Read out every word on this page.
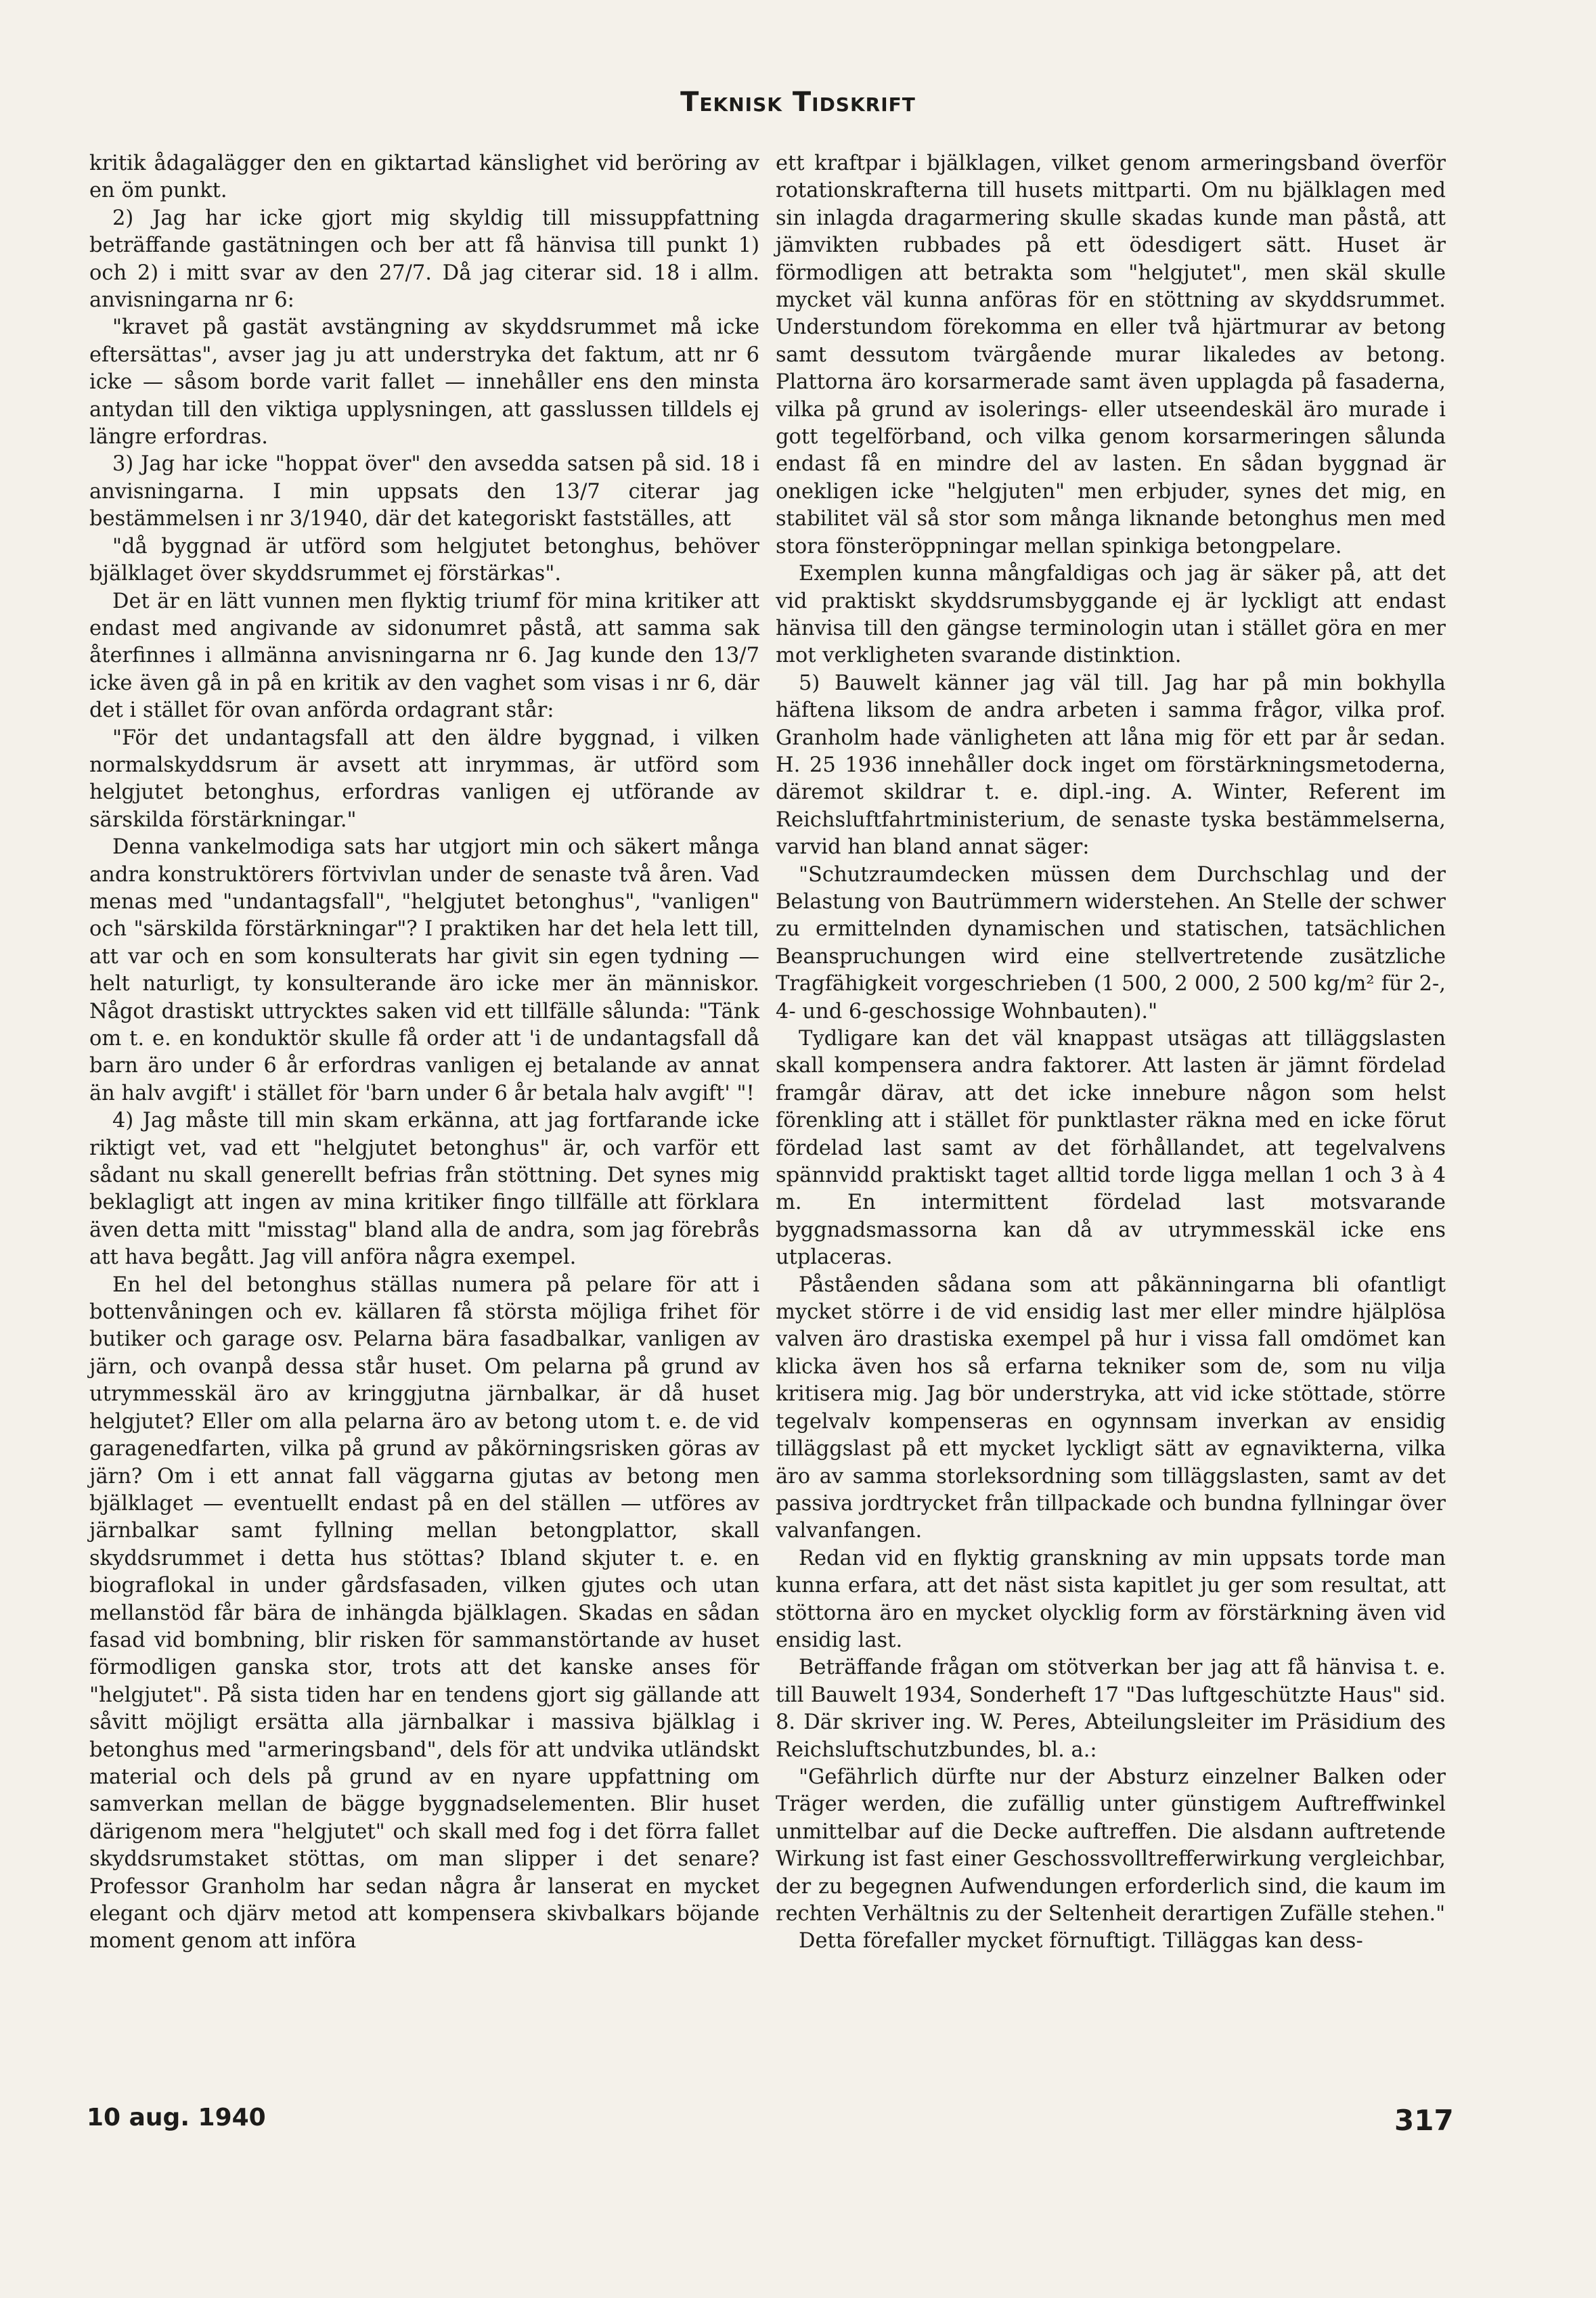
Teknisk Tidskrift

kritik ådagalägger den en giktartad känslighet vid beröring av en öm punkt.

2) Jag har icke gjort mig skyldig till missuppfattning beträffande gastätningen och ber att få hänvisa till punkt 1) och 2) i mitt svar av den 27/7. Då jag citerar sid. 18 i allm. anvisningarna nr 6:

"kravet på gastät avstängning av skyddsrummet må icke eftersättas", avser jag ju att understryka det faktum, att nr 6 icke — såsom borde varit fallet — innehåller ens den minsta antydan till den viktiga upplysningen, att gasslussen tilldels ej längre erfordras.

3) Jag har icke "hoppat över" den avsedda satsen på sid. 18 i anvisningarna. I min uppsats den 13/7 citerar jag bestämmelsen i nr 3/1940, där det kategoriskt fastställes, att

"då byggnad är utförd som helgjutet betonghus, behöver bjälklaget över skyddsrummet ej förstärkas".

Det är en lätt vunnen men flyktig triumf för mina kritiker att endast med angivande av sidonumret påstå, att samma sak återfinnes i allmänna anvisningarna nr 6. Jag kunde den 13/7 icke även gå in på en kritik av den vaghet som visas i nr 6, där det i stället för ovan anförda ordagrant står:

"För det undantagsfall att den äldre byggnad, i vilken normalskyddsrum är avsett att inrymmas, är utförd som helgjutet betonghus, erfordras vanligen ej utförande av särskilda förstärkningar."

Denna vankelmodiga sats har utgjort min och säkert många andra konstruktörers förtvivlan under de senaste två åren. Vad menas med "undantagsfall", "helgjutet betonghus", "vanligen" och "särskilda förstärkningar"? I praktiken har det hela lett till, att var och en som konsulterats har givit sin egen tydning — helt naturligt, ty konsulterande äro icke mer än människor. Något drastiskt uttrycktes saken vid ett tillfälle sålunda: "Tänk om t. e. en konduktör skulle få order att 'i de undantagsfall då barn äro under 6 år erfordras vanligen ej betalande av annat än halv avgift' i stället för 'barn under 6 år betala halv avgift' "!

4) Jag måste till min skam erkänna, att jag fortfarande icke riktigt vet, vad ett "helgjutet betonghus" är, och varför ett sådant nu skall generellt befrias från stöttning. Det synes mig beklagligt att ingen av mina kritiker fingo tillfälle att förklara även detta mitt "misstag" bland alla de andra, som jag förebrås att hava begått. Jag vill anföra några exempel.

En hel del betonghus ställas numera på pelare för att i bottenvåningen och ev. källaren få största möjliga frihet för butiker och garage osv. Pelarna bära fasadbalkar, vanligen av järn, och ovanpå dessa står huset. Om pelarna på grund av utrymmesskäl äro av kringgjutna järnbalkar, är då huset helgjutet? Eller om alla pelarna äro av betong utom t. e. de vid garagenedfarten, vilka på grund av påkörningsrisken göras av järn? Om i ett annat fall väggarna gjutas av betong men bjälklaget — eventuellt endast på en del ställen — utföres av järnbalkar samt fyllning mellan betongplattor, skall skyddsrummet i detta hus stöttas? Ibland skjuter t. e. en biograflokal in under gårdsfasaden, vilken gjutes och utan mellanstöd får bära de inhängda bjälklagen. Skadas en sådan fasad vid bombning, blir risken för sammanstörtande av huset förmodligen ganska stor, trots att det kanske anses för "helgjutet". På sista tiden har en tendens gjort sig gällande att såvitt möjligt ersätta alla järnbalkar i massiva bjälklag i betonghus med "armeringsband", dels för att undvika utländskt material och dels på grund av en nyare uppfattning om samverkan mellan de bägge byggnadselementen. Blir huset därigenom mera "helgjutet" och skall med fog i det förra fallet skyddsrumstaket stöttas, om man slipper i det senare? Professor Granholm har sedan några år lanserat en mycket elegant och djärv metod att kompensera skivbalkars böjande moment genom att införa

ett kraftpar i bjälklagen, vilket genom armeringsband överför rotationskrafterna till husets mittparti. Om nu bjälklagen med sin inlagda dragarmering skulle skadas kunde man påstå, att jämvikten rubbades på ett ödesdigert sätt. Huset är förmodligen att betrakta som "helgjutet", men skäl skulle mycket väl kunna anföras för en stöttning av skyddsrummet. Understundom förekomma en eller två hjärtmurar av betong samt dessutom tvärgående murar likaledes av betong. Plattorna äro korsarmerade samt även upplagda på fasaderna, vilka på grund av isolerings- eller utseendeskäl äro murade i gott tegelförband, och vilka genom korsarmeringen sålunda endast få en mindre del av lasten. En sådan byggnad är onekligen icke "helgjuten" men erbjuder, synes det mig, en stabilitet väl så stor som många liknande betonghus men med stora fönsteröppningar mellan spinkiga betongpelare.

Exemplen kunna mångfaldigas och jag är säker på, att det vid praktiskt skyddsrumsbyggande ej är lyckligt att endast hänvisa till den gängse terminologin utan i stället göra en mer mot verkligheten svarande distinktion.

5) Bauwelt känner jag väl till. Jag har på min bokhylla häftena liksom de andra arbeten i samma frågor, vilka prof. Granholm hade vänligheten att låna mig för ett par år sedan. H. 25 1936 innehåller dock inget om förstärkningsmetoderna, däremot skildrar t. e. dipl.-ing. A. Winter, Referent im Reichsluftfahrtministerium, de senaste tyska bestämmelserna, varvid han bland annat säger:

"Schutzraumdecken müssen dem Durchschlag und der Belastung von Bautrümmern widerstehen. An Stelle der schwer zu ermittelnden dynamischen und statischen, tatsächlichen Beanspruchungen wird eine stellvertretende zusätzliche Tragfähigkeit vorgeschrieben (1 500, 2 000, 2 500 kg/m² für 2-, 4- und 6-geschossige Wohnbauten)."

Tydligare kan det väl knappast utsägas att tilläggslasten skall kompensera andra faktorer. Att lasten är jämnt fördelad framgår därav, att det icke innebure någon som helst förenkling att i stället för punktlaster räkna med en icke förut fördelad last samt av det förhållandet, att tegelvalvens spännvidd praktiskt taget alltid torde ligga mellan 1 och 3 à 4 m. En intermittent fördelad last motsvarande byggnadsmassorna kan då av utrymmesskäl icke ens utplaceras.

Påståenden sådana som att påkänningarna bli ofantligt mycket större i de vid ensidig last mer eller mindre hjälplösa valven äro drastiska exempel på hur i vissa fall omdömet kan klicka även hos så erfarna tekniker som de, som nu vilja kritisera mig. Jag bör understryka, att vid icke stöttade, större tegelvalv kompenseras en ogynnsam inverkan av ensidig tilläggslast på ett mycket lyckligt sätt av egnavikterna, vilka äro av samma storleksordning som tilläggslasten, samt av det passiva jordtrycket från tillpackade och bundna fyllningar över valvanfangen.

Redan vid en flyktig granskning av min uppsats torde man kunna erfara, att det näst sista kapitlet ju ger som resultat, att stöttorna äro en mycket olycklig form av förstärkning även vid ensidig last.

Beträffande frågan om stötverkan ber jag att få hänvisa t. e. till Bauwelt 1934, Sonderheft 17 "Das luftgeschützte Haus" sid. 8. Där skriver ing. W. Peres, Abteilungsleiter im Präsidium des Reichsluftschutzbundes, bl. a.:

"Gefährlich dürfte nur der Absturz einzelner Balken oder Träger werden, die zufällig unter günstigem Auftreffwinkel unmittelbar auf die Decke auftreffen. Die alsdann auftretende Wirkung ist fast einer Geschossvolltrefferwirkung vergleichbar, der zu begegnen Aufwendungen erforderlich sind, die kaum im rechten Verhältnis zu der Seltenheit derartigen Zufälle stehen."

Detta förefaller mycket förnuftigt. Tilläggas kan dess-

10 aug. 1940	317
